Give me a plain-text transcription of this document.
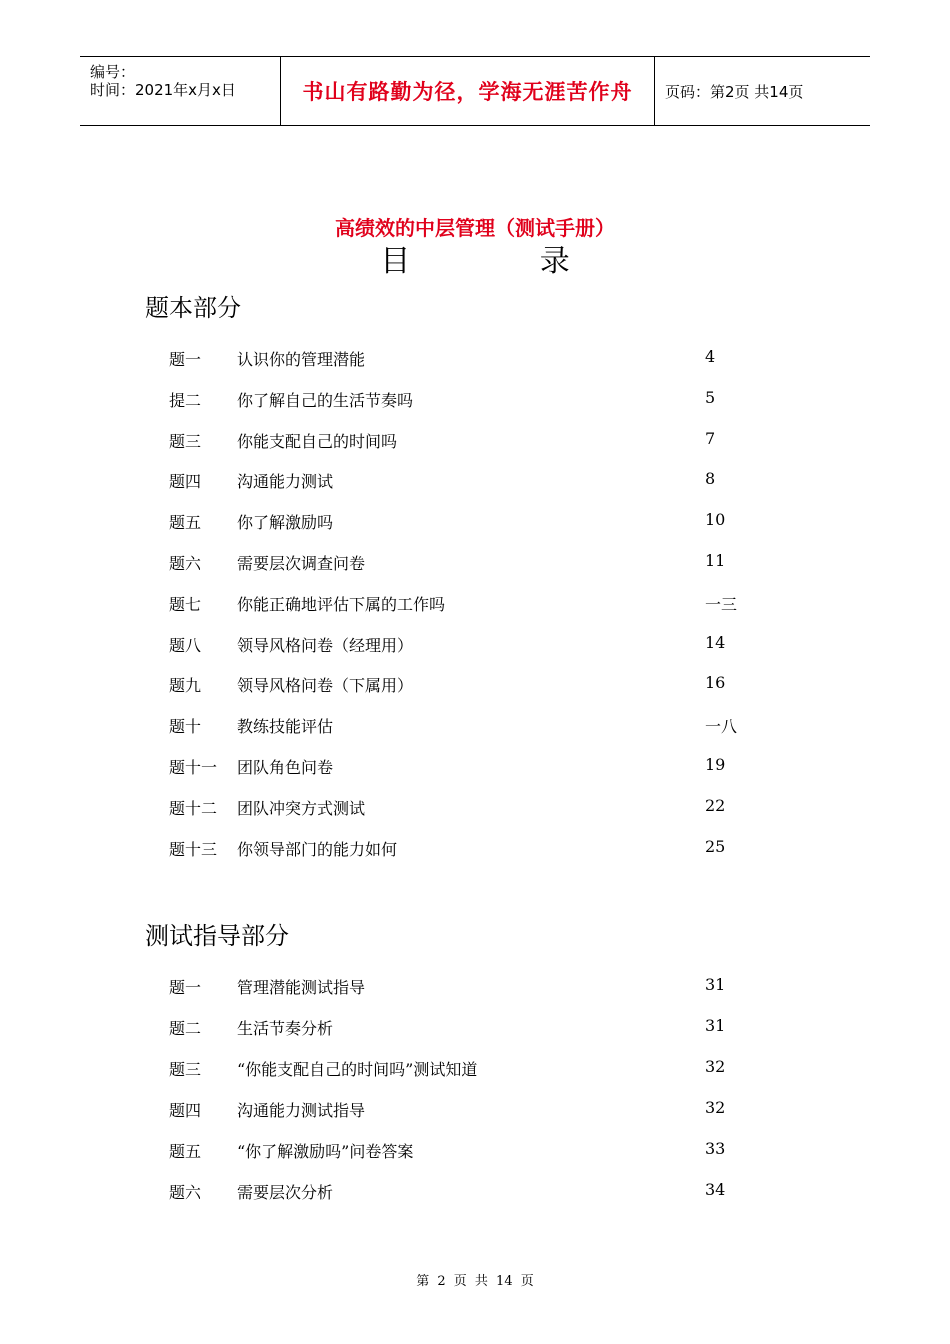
编号：
时间：2021年x月x日	书山有路勤为径，学海无涯苦作舟	页码：第2页 共14页
高绩效的中层管理（测试手册）
目 录
题本部分
题一 认识你的管理潜能	4
提二 你了解自己的生活节奏吗	5
题三 你能支配自己的时间吗	7
题四 沟通能力测试	8
题五 你了解激励吗	10
题六 需要层次调查问卷	11
题七 你能正确地评估下属的工作吗	一三
题八 领导风格问卷（经理用）	14
题九 领导风格问卷（下属用）	16
题十 教练技能评估	一八
题十一 团队角色问卷	19
题十二 团队冲突方式测试	22
题十三 你领导部门的能力如何	25
测试指导部分
题一 管理潜能测试指导	31
题二 生活节奏分析	31
题三 “你能支配自己的时间吗”测试知道	32
题四 沟通能力测试指导	32
题五 “你了解激励吗”问卷答案	33
题六 需要层次分析	34
第 2 页 共 14 页
